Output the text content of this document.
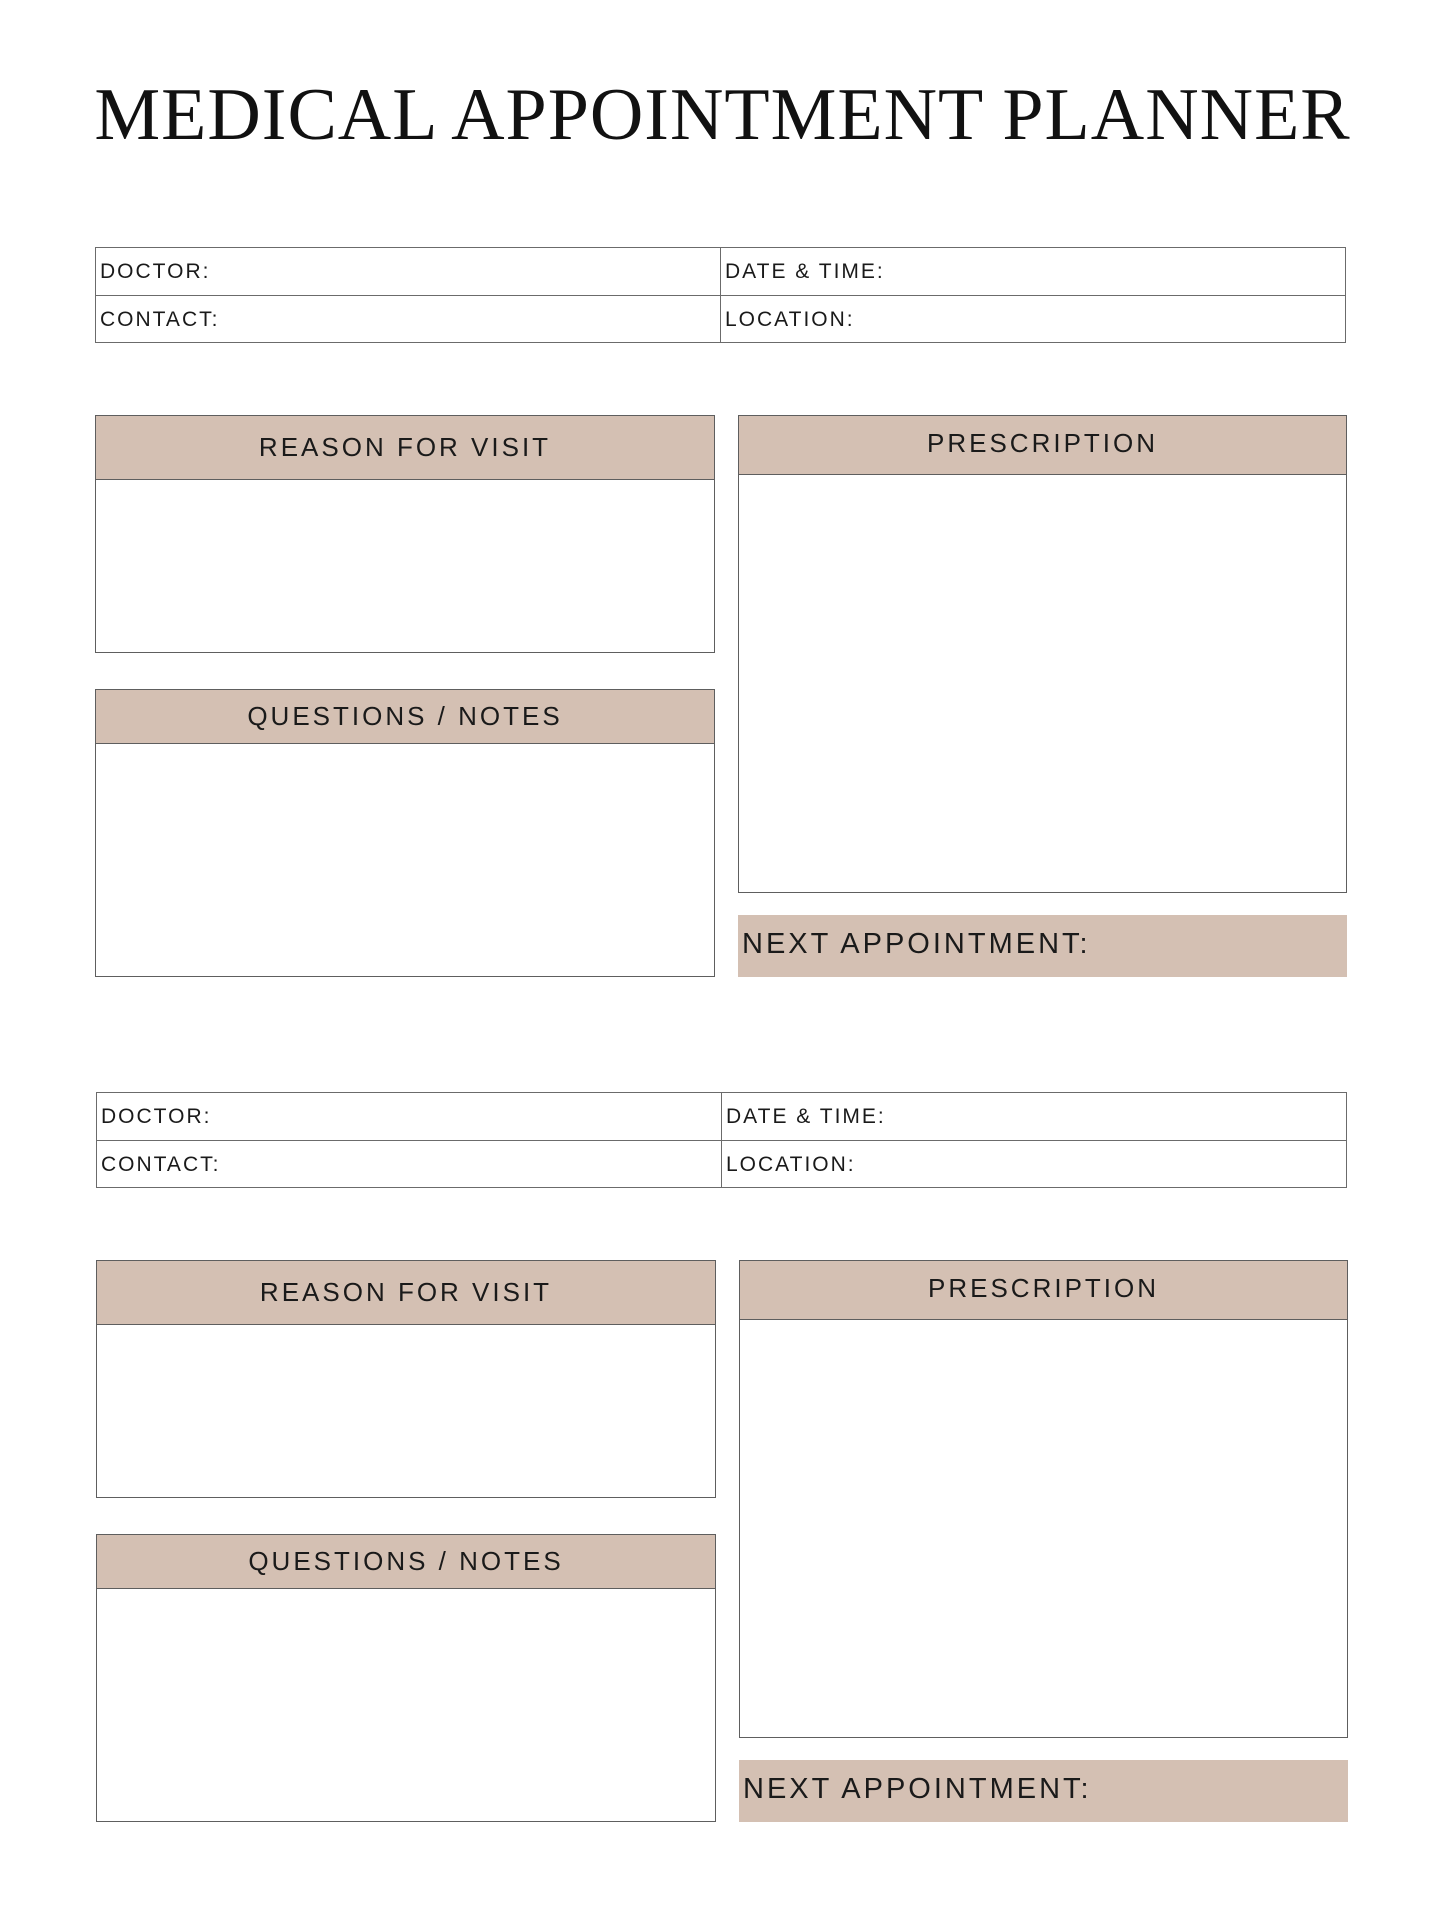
MEDICAL APPOINTMENT PLANNER
DOCTOR:	DATE & TIME:
CONTACT:	LOCATION:
REASON FOR VISIT
QUESTIONS / NOTES
PRESCRIPTION
NEXT APPOINTMENT:
DOCTOR:	DATE & TIME:
CONTACT:	LOCATION:
REASON FOR VISIT
QUESTIONS / NOTES
PRESCRIPTION
NEXT APPOINTMENT:
